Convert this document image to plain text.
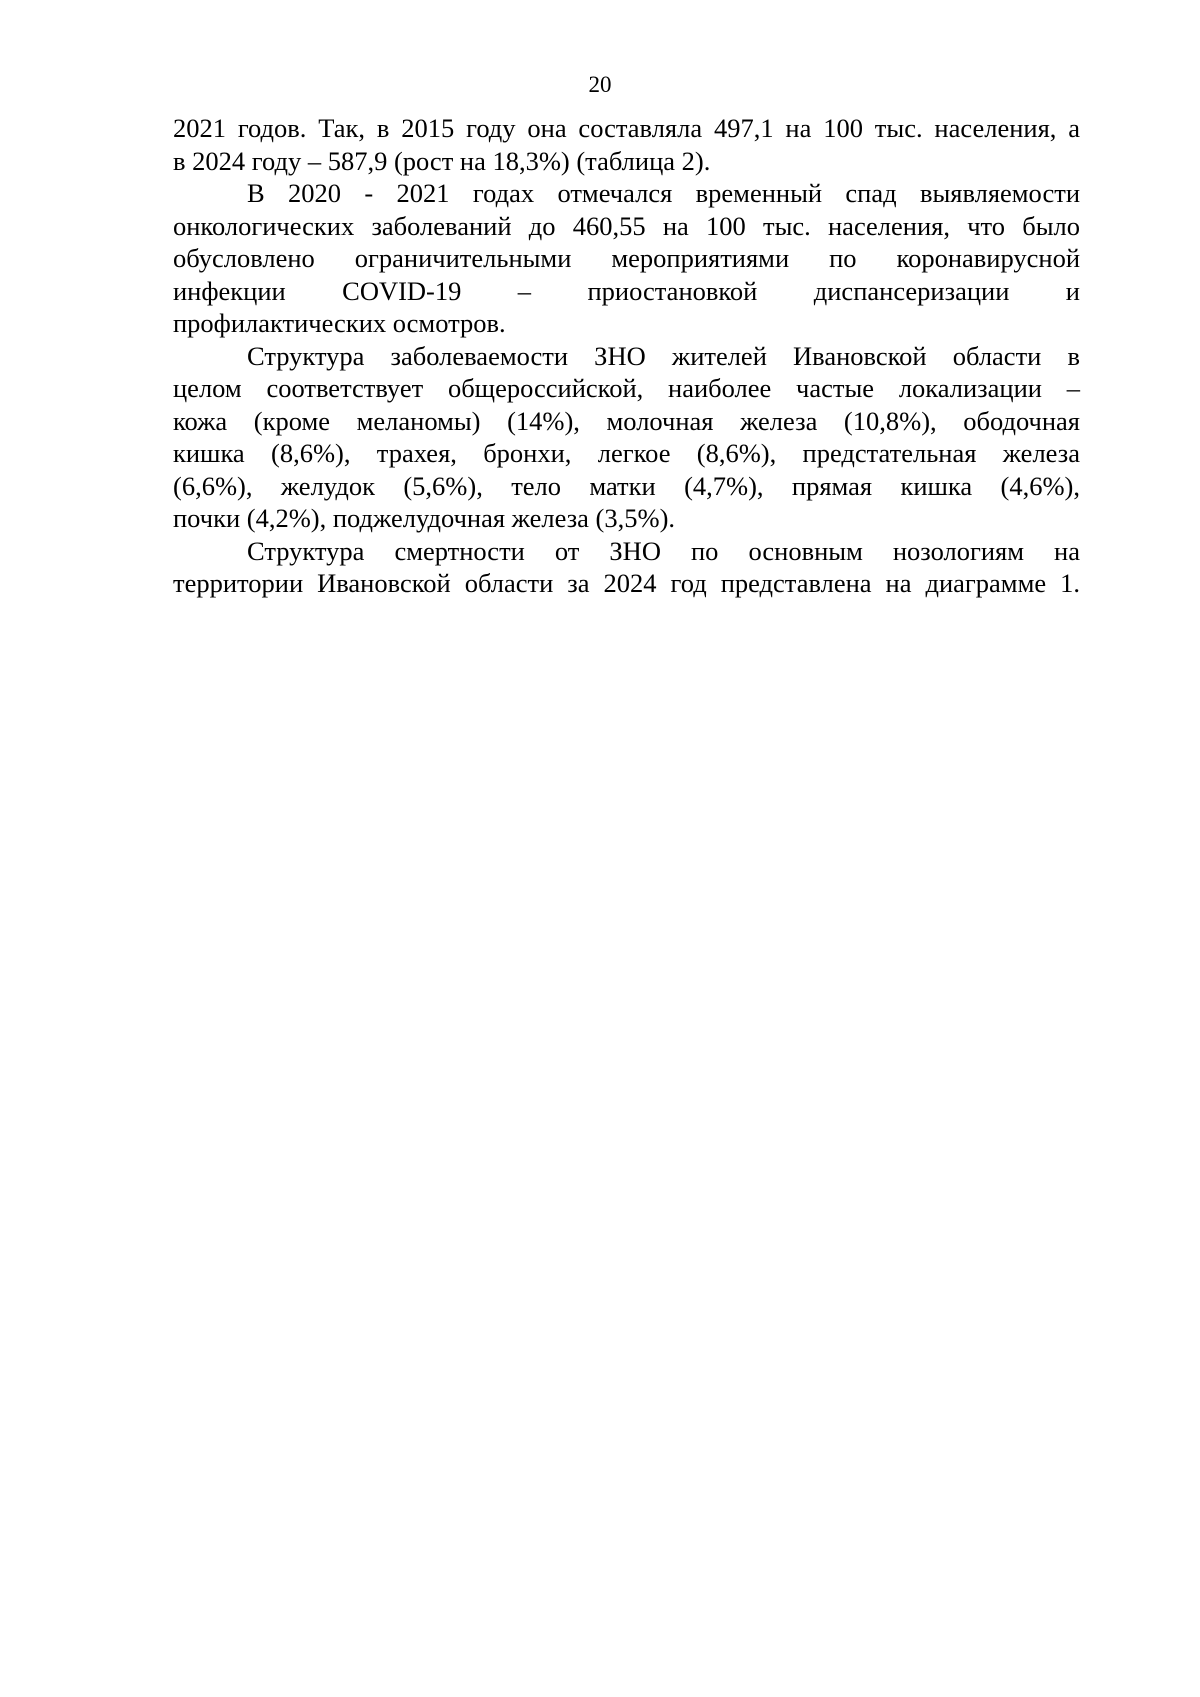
20
2021 годов. Так, в 2015 году она составляла 497,1 на 100 тыс. населения, а
в 2024 году – 587,9 (рост на 18,3%) (таблица 2).
В 2020 - 2021 годах отмечался временный спад выявляемости
онкологических заболеваний до 460,55 на 100 тыс. населения, что было
обусловлено ограничительными мероприятиями по коронавирусной
инфекции COVID-19 – приостановкой диспансеризации и
профилактических осмотров.
Структура заболеваемости ЗНО жителей Ивановской области в
целом соответствует общероссийской, наиболее частые локализации –
кожа (кроме меланомы) (14%), молочная железа (10,8%), ободочная
кишка (8,6%), трахея, бронхи, легкое (8,6%), предстательная железа
(6,6%), желудок (5,6%), тело матки (4,7%), прямая кишка (4,6%),
почки (4,2%), поджелудочная железа (3,5%).
Структура смертности от ЗНО по основным нозологиям на
территории Ивановской области за 2024 год представлена на диаграмме 1.
